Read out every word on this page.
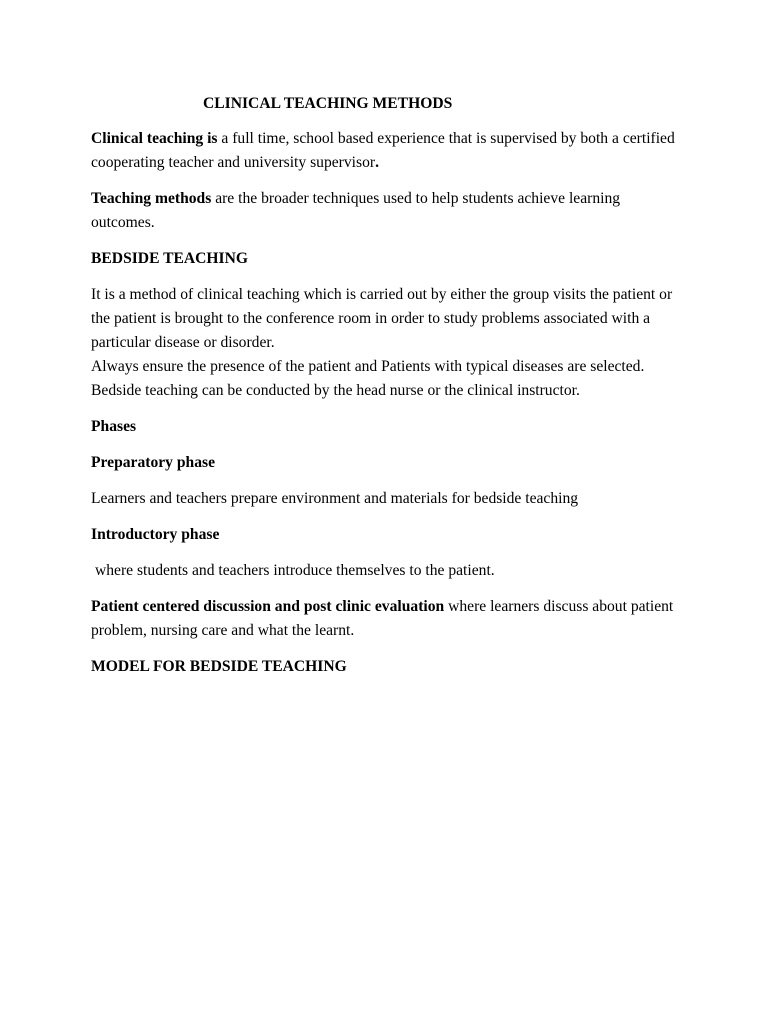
CLINICAL TEACHING METHODS

Clinical teaching is a full time, school based experience that is supervised by both a certified cooperating teacher and university supervisor.

Teaching methods are the broader techniques used to help students achieve learning outcomes.

BEDSIDE TEACHING

It is a method of clinical teaching which is carried out by either the group visits the patient or the patient is brought to the conference room in order to study problems associated with a particular disease or disorder.

Always ensure the presence of the patient and Patients with typical diseases are selected. Bedside teaching can be conducted by the head nurse or the clinical instructor.

Phases

Preparatory phase

Learners and teachers prepare environment and materials for bedside teaching

Introductory phase

where students and teachers introduce themselves to the patient.

Patient centered discussion and post clinic evaluation where learners discuss about patient problem, nursing care and what the learnt.

MODEL FOR BEDSIDE TEACHING
